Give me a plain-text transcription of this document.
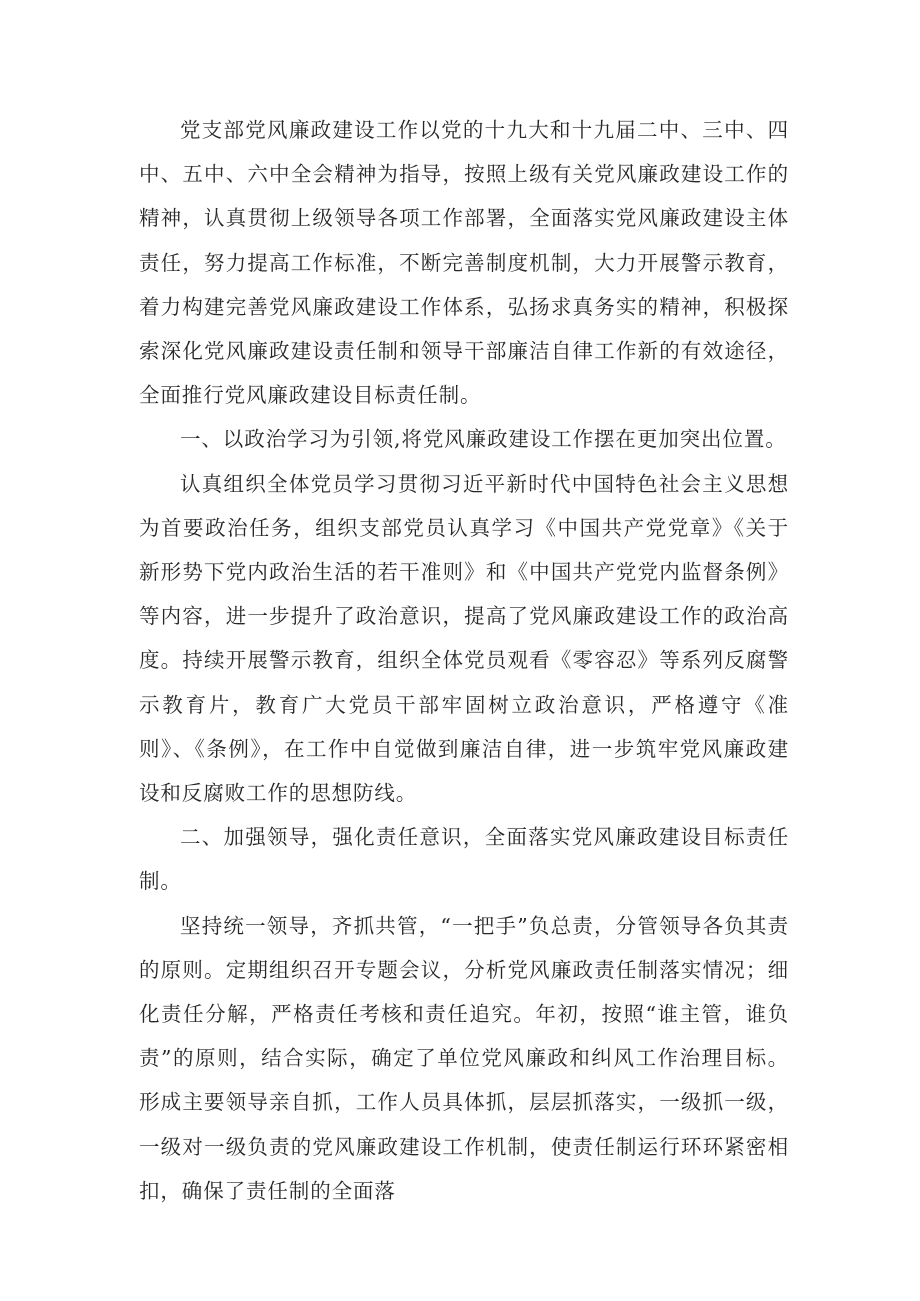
党支部党风廉政建设工作以党的十九大和十九届二中、三中、四中、五中、六中全会精神为指导，按照上级有关党风廉政建设工作的精神，认真贯彻上级领导各项工作部署，全面落实党风廉政建设主体责任，努力提高工作标准，不断完善制度机制，大力开展警示教育，着力构建完善党风廉政建设工作体系，弘扬求真务实的精神，积极探索深化党风廉政建设责任制和领导干部廉洁自律工作新的有效途径，全面推行党风廉政建设目标责任制。

一、以政治学习为引领,将党风廉政建设工作摆在更加突出位置。

认真组织全体党员学习贯彻习近平新时代中国特色社会主义思想为首要政治任务，组织支部党员认真学习《中国共产党党章》《关于新形势下党内政治生活的若干准则》和《中国共产党党内监督条例》等内容，进一步提升了政治意识，提高了党风廉政建设工作的政治高度。持续开展警示教育，组织全体党员观看《零容忍》等系列反腐警示教育片，教育广大党员干部牢固树立政治意识，严格遵守《准则》、《条例》，在工作中自觉做到廉洁自律，进一步筑牢党风廉政建设和反腐败工作的思想防线。

二、加强领导，强化责任意识，全面落实党风廉政建设目标责任制。

坚持统一领导，齐抓共管，“一把手”负总责，分管领导各负其责的原则。定期组织召开专题会议，分析党风廉政责任制落实情况；细化责任分解，严格责任考核和责任追究。年初，按照“谁主管，谁负责”的原则，结合实际，确定了单位党风廉政和纠风工作治理目标。形成主要领导亲自抓，工作人员具体抓，层层抓落实，一级抓一级，一级对一级负责的党风廉政建设工作机制，使责任制运行环环紧密相扣，确保了责任制的全面落
